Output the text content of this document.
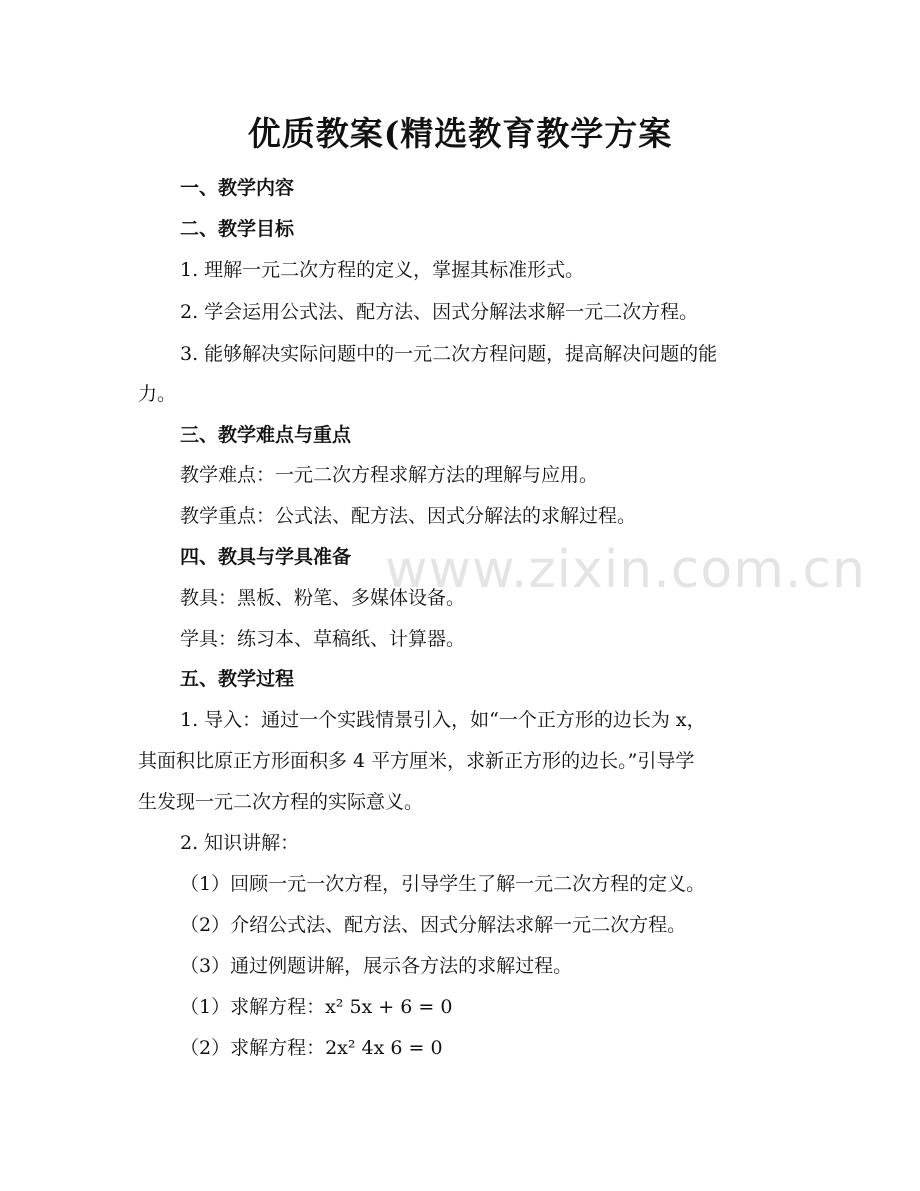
优质教案(精选教育教学方案
www.zixin.com.cn
一、教学内容
二、教学目标
1. 理解一元二次方程的定义，掌握其标准形式。
2. 学会运用公式法、配方法、因式分解法求解一元二次方程。
3. 能够解决实际问题中的一元二次方程问题，提高解决问题的能
力。
三、教学难点与重点
教学难点：一元二次方程求解方法的理解与应用。
教学重点：公式法、配方法、因式分解法的求解过程。
四、教具与学具准备
教具：黑板、粉笔、多媒体设备。
学具：练习本、草稿纸、计算器。
五、教学过程
1. 导入：通过一个实践情景引入，如“一个正方形的边长为 x，
其面积比原正方形面积多 4 平方厘米，求新正方形的边长。”引导学
生发现一元二次方程的实际意义。
2. 知识讲解：
（1）回顾一元一次方程，引导学生了解一元二次方程的定义。
（2）介绍公式法、配方法、因式分解法求解一元二次方程。
（3）通过例题讲解，展示各方法的求解过程。
（1）求解方程：x² 5x + 6 = 0
（2）求解方程：2x² 4x 6 = 0
